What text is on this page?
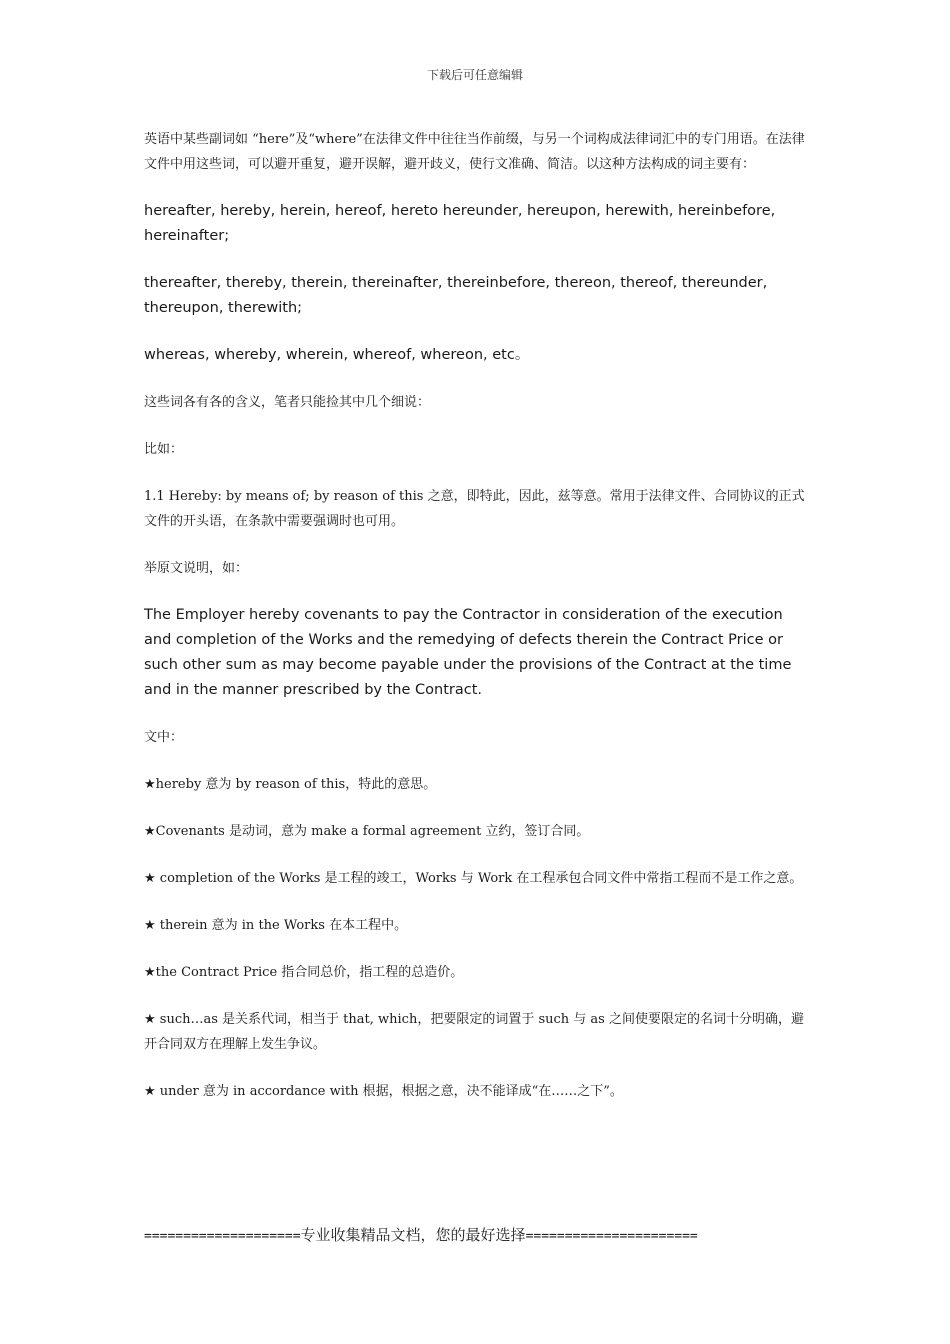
下载后可任意编辑

英语中某些副词如 “here”及“where”在法律文件中往往当作前缀，与另一个词构成法律词汇中的专门用语。在法律文件中用这些词，可以避开重复，避开误解，避开歧义，使行文准确、简洁。以这种方法构成的词主要有：

hereafter, hereby, herein, hereof, hereto hereunder, hereupon, herewith, hereinbefore, hereinafter;

thereafter, thereby, therein, thereinafter, thereinbefore, thereon, thereof, thereunder, thereupon, therewith;

whereas, whereby, wherein, whereof, whereon, etc。

这些词各有各的含义，笔者只能捡其中几个细说：

比如：

1.1 Hereby: by means of; by reason of this 之意，即特此，因此，兹等意。常用于法律文件、合同协议的正式文件的开头语，在条款中需要强调时也可用。

举原文说明，如：

The Employer hereby covenants to pay the Contractor in consideration of the execution and completion of the Works and the remedying of defects therein the Contract Price or such other sum as may become payable under the provisions of the Contract at the time and in the manner prescribed by the Contract.

文中：

★hereby 意为 by reason of this，特此的意思。

★Covenants 是动词，意为 make a formal agreement 立约，签订合同。

★ completion of the Works 是工程的竣工，Works 与 Work 在工程承包合同文件中常指工程而不是工作之意。

★ therein 意为 in the Works 在本工程中。

★the Contract Price 指合同总价，指工程的总造价。

★ such…as 是关系代词，相当于 that, which，把要限定的词置于 such 与 as 之间使要限定的名词十分明确，避开合同双方在理解上发生争议。

★ under 意为 in accordance with 根据，根据之意，决不能译成“在……之下”。

====================专业收集精品文档，您的最好选择======================
